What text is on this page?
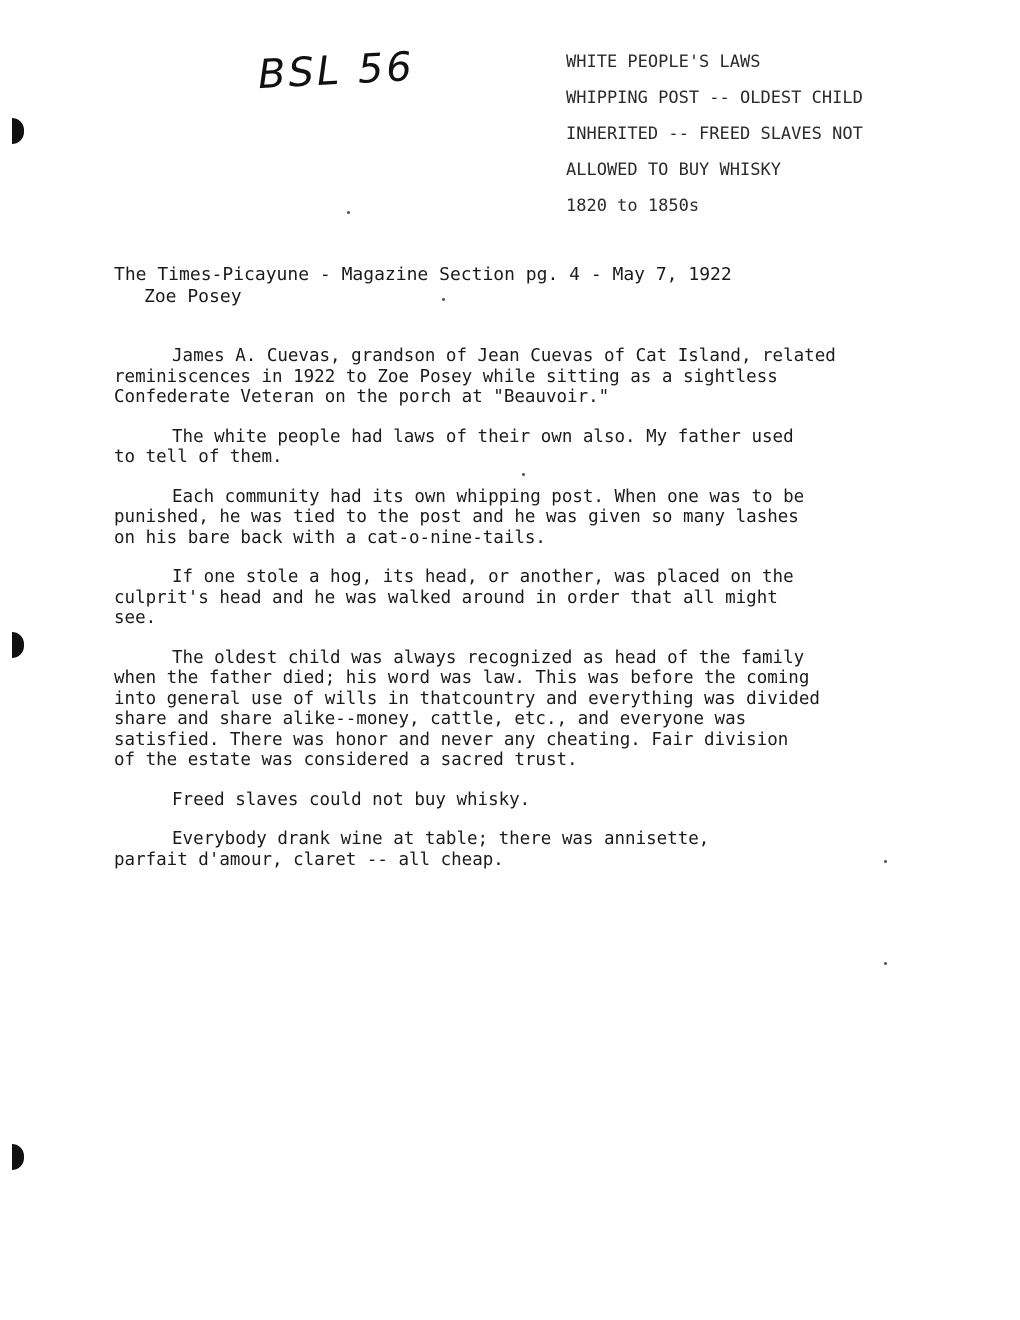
BSL 56	WHITE PEOPLE'S LAWS
WHIPPING POST -- OLDEST CHILD
INHERITED -- FREED SLAVES NOT
ALLOWED TO BUY WHISKY
1820 to 1850s
The Times-Picayune - Magazine Section pg. 4 - May 7, 1922
Zoe Posey
James A. Cuevas, grandson of Jean Cuevas of Cat Island, related
reminiscences in 1922 to Zoe Posey while sitting as a sightless
Confederate Veteran on the porch at "Beauvoir."
The white people had laws of their own also. My father used
to tell of them.
Each community had its own whipping post. When one was to be
punished, he was tied to the post and he was given so many lashes
on his bare back with a cat-o-nine-tails.
If one stole a hog, its head, or another, was placed on the
culprit's head and he was walked around in order that all might
see.
The oldest child was always recognized as head of the family
when the father died; his word was law. This was before the coming
into general use of wills in thatcountry and everything was divided
share and share alike--money, cattle, etc., and everyone was
satisfied. There was honor and never any cheating. Fair division
of the estate was considered a sacred trust.
Freed slaves could not buy whisky.
Everybody drank wine at table; there was annisette,
parfait d'amour, claret -- all cheap.
